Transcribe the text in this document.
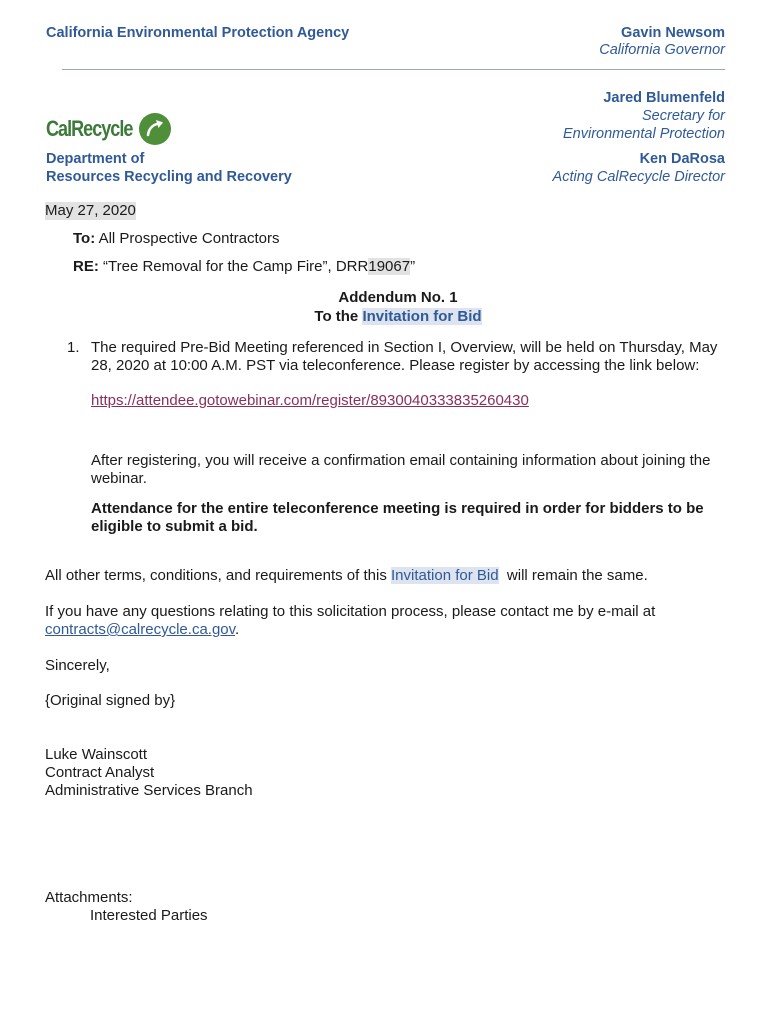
California Environmental Protection Agency	Gavin Newsom
California Governor
Jared Blumenfeld
Secretary for
Environmental Protection
Ken DaRosa
Acting CalRecycle Director
CalRecycle
Department of
Resources Recycling and Recovery
May 27, 2020
To: All Prospective Contractors
RE: “Tree Removal for the Camp Fire”, DRR19067”
Addendum No. 1
To the Invitation for Bid
1. The required Pre-Bid Meeting referenced in Section I, Overview, will be held on Thursday, May
28, 2020 at 10:00 A.M. PST via teleconference. Please register by accessing the link below:
https://attendee.gotowebinar.com/register/8930040333835260430
After registering, you will receive a confirmation email containing information about joining the
webinar.
Attendance for the entire teleconference meeting is required in order for bidders to be
eligible to submit a bid.
All other terms, conditions, and requirements of this Invitation for Bid  will remain the same.
If you have any questions relating to this solicitation process, please contact me by e-mail at
contracts@calrecycle.ca.gov.
Sincerely,
{Original signed by}
Luke Wainscott
Contract Analyst
Administrative Services Branch
Attachments:
Interested Parties
